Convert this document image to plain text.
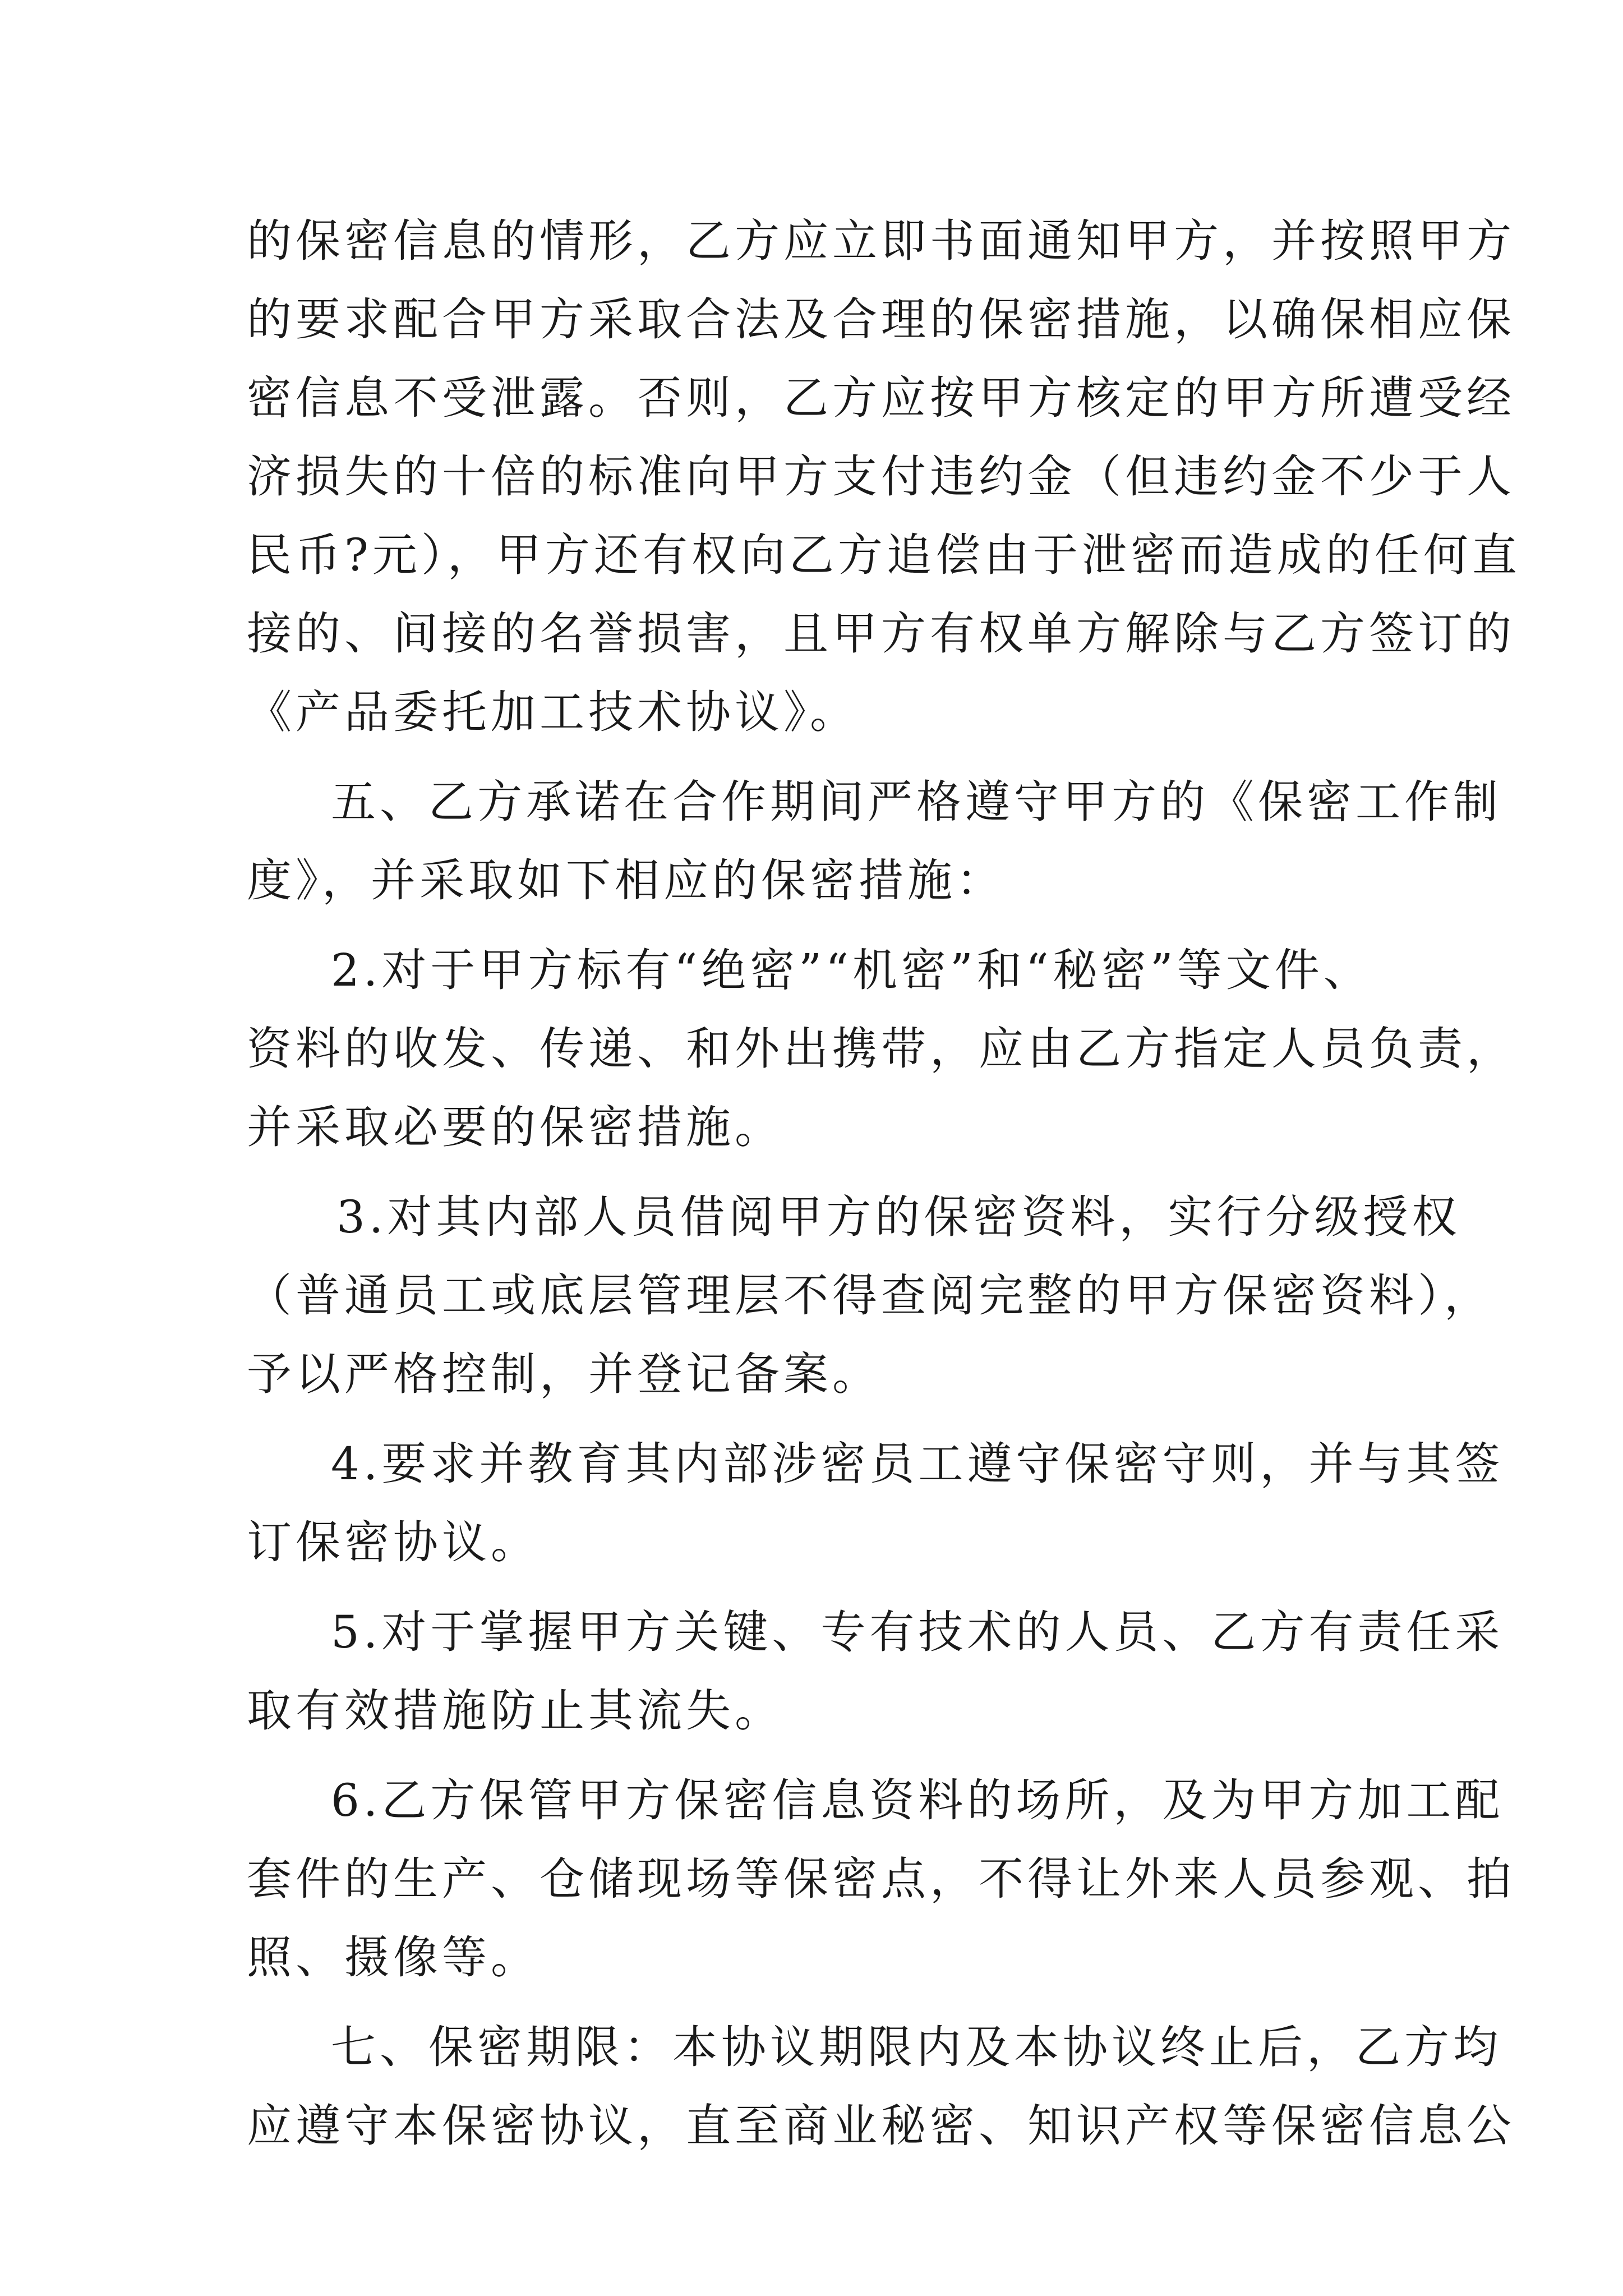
的保密信息的情形，乙方应立即书面通知甲方，并按照甲方
的要求配合甲方采取合法及合理的保密措施，以确保相应保
密信息不受泄露。否则，乙方应按甲方核定的甲方所遭受经
济损失的十倍的标准向甲方支付违约金（但违约金不少于人
民币?元），甲方还有权向乙方追偿由于泄密而造成的任何直
接的、间接的名誉损害，且甲方有权单方解除与乙方签订的
《产品委托加工技术协议》。
五、乙方承诺在合作期间严格遵守甲方的《保密工作制
度》，并采取如下相应的保密措施：
2.对于甲方标有“绝密”“机密”和“秘密”等文件、
资料的收发、传递、和外出携带，应由乙方指定人员负责，
并采取必要的保密措施。
3.对其内部人员借阅甲方的保密资料，实行分级授权
（普通员工或底层管理层不得查阅完整的甲方保密资料），
予以严格控制，并登记备案。
4.要求并教育其内部涉密员工遵守保密守则，并与其签
订保密协议。
5.对于掌握甲方关键、专有技术的人员、乙方有责任采
取有效措施防止其流失。
6.乙方保管甲方保密信息资料的场所，及为甲方加工配
套件的生产、仓储现场等保密点，不得让外来人员参观、拍
照、摄像等。
七、保密期限：本协议期限内及本协议终止后，乙方均
应遵守本保密协议，直至商业秘密、知识产权等保密信息公
